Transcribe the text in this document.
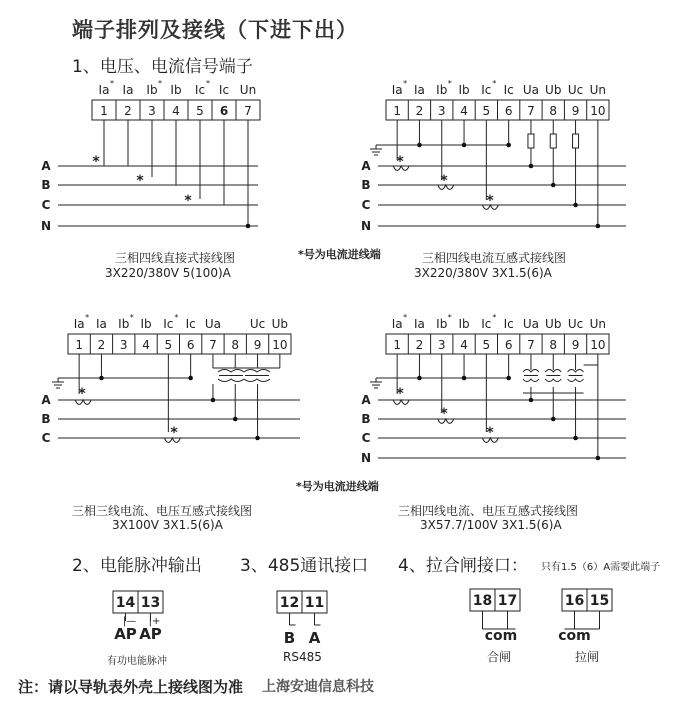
端子排列及接线（下进下出）
1、电压、电流信号端子
Ia * Ia Ib * Ib Ic * Ic Un
1 2 3 4 5 6 7
A
B
C
N
*
*
*
Ia * Ia Ib * Ib Ic * Ic Ua Ub Uc Un
1 2 3 4 5 6 7 8 9 10
A
B
C
N
*
*
*
Ia * Ia Ib * Ib Ic * Ic Ua Uc Ub
1 2 3 4 5 6 7 8 9 10
A
B
C
*
*
Ia * Ia Ib * Ib Ic * Ic Ua Ub Uc Un
1 2 3 4 5 6 7 8 9 10
A
B
C
N
*
*
*
14 13
|—
AP
|+
AP
12 11
B A
18 17
com
16 15
com
三相四线直接式接线图
3X220/380V 5(100)A
*号为电流进线端	三相四线电流互感式接线图
3X220/380V 3X1.5(6)A
*号为电流进线端
三相三线电流、电压互感式接线图
3X100V 3X1.5(6)A
三相四线电流、电压互感式接线图
3X57.7/100V 3X1.5(6)A
2、电能脉冲输出 3、485通讯接口 4、拉合闸接口： 只有1.5（6）A需要此端子
有功电能脉冲	RS485	合闸	拉闸
注：请以导轨表外壳上接线图为准 上海安迪信息科技
